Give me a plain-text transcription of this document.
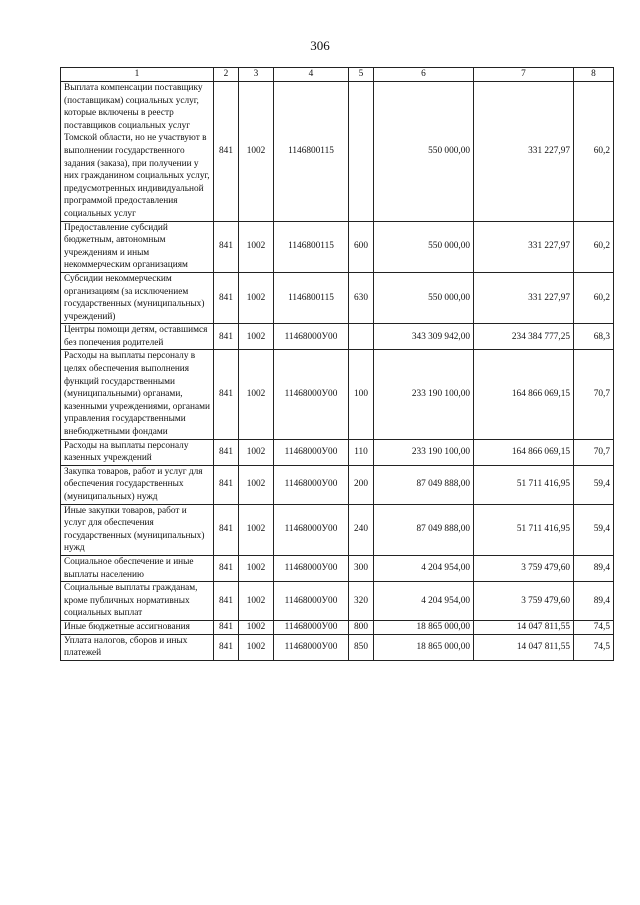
306
1	2	3	4	5	6	7	8
Выплата компенсации поставщику (поставщикам) социальных услуг, которые включены в реестр поставщиков социальных услуг Томской области, но не участвуют в выполнении государственного задания (заказа), при получении у них гражданином социальных услуг, предусмотренных индивидуальной программой предоставления социальных услуг	841	1002	1146800115		550 000,00	331 227,97	60,2
Предоставление субсидий бюджетным, автономным учреждениям и иным некоммерческим организациям	841	1002	1146800115	600	550 000,00	331 227,97	60,2
Субсидии некоммерческим организациям (за исключением государственных (муниципальных) учреждений)	841	1002	1146800115	630	550 000,00	331 227,97	60,2
Центры помощи детям, оставшимся без попечения родителей	841	1002	11468000У00		343 309 942,00	234 384 777,25	68,3
Расходы на выплаты персоналу в целях обеспечения выполнения функций государственными (муниципальными) органами, казенными учреждениями, органами управления государственными внебюджетными фондами	841	1002	11468000У00	100	233 190 100,00	164 866 069,15	70,7
Расходы на выплаты персоналу казенных учреждений	841	1002	11468000У00	110	233 190 100,00	164 866 069,15	70,7
Закупка товаров, работ и услуг для обеспечения государственных (муниципальных) нужд	841	1002	11468000У00	200	87 049 888,00	51 711 416,95	59,4
Иные закупки товаров, работ и услуг для обеспечения государственных (муниципальных) нужд	841	1002	11468000У00	240	87 049 888,00	51 711 416,95	59,4
Социальное обеспечение и иные выплаты населению	841	1002	11468000У00	300	4 204 954,00	3 759 479,60	89,4
Социальные выплаты гражданам, кроме публичных нормативных социальных выплат	841	1002	11468000У00	320	4 204 954,00	3 759 479,60	89,4
Иные бюджетные ассигнования	841	1002	11468000У00	800	18 865 000,00	14 047 811,55	74,5
Уплата налогов, сборов и иных платежей	841	1002	11468000У00	850	18 865 000,00	14 047 811,55	74,5
